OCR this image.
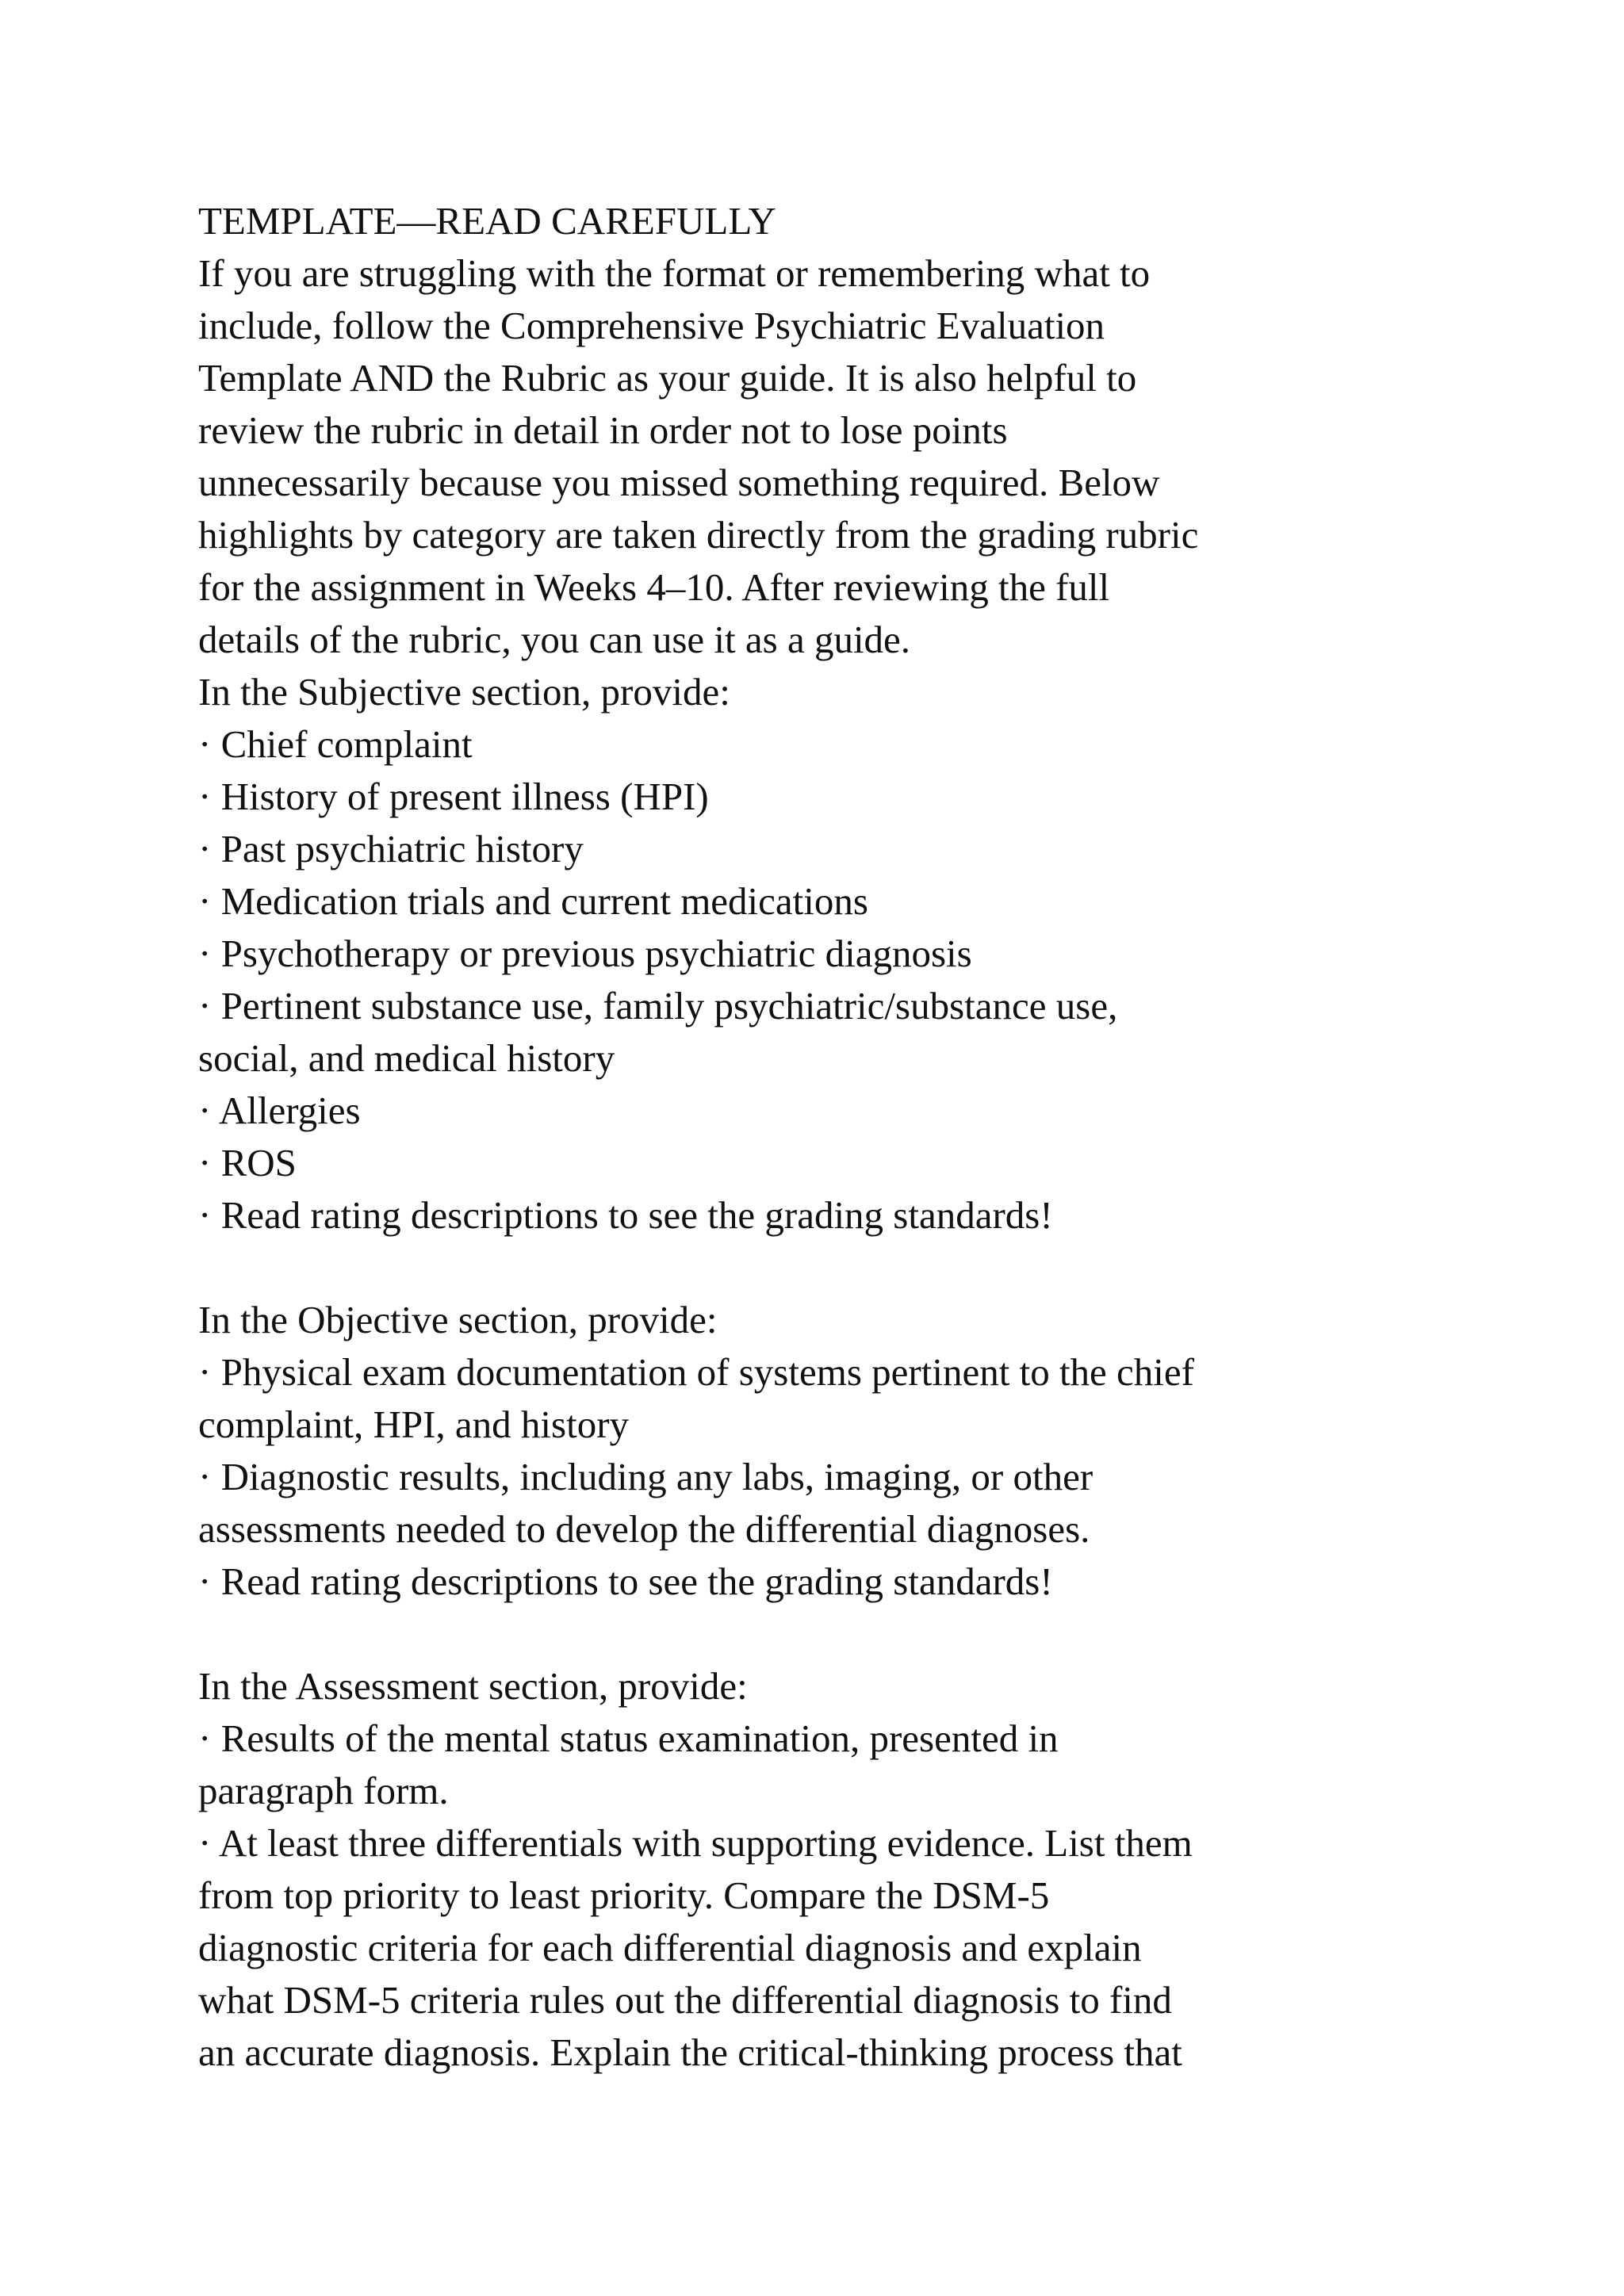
TEMPLATE—READ CAREFULLY
If you are struggling with the format or remembering what to
include, follow the Comprehensive Psychiatric Evaluation
Template AND the Rubric as your guide. It is also helpful to
review the rubric in detail in order not to lose points
unnecessarily because you missed something required. Below
highlights by category are taken directly from the grading rubric
for the assignment in Weeks 4–10. After reviewing the full
details of the rubric, you can use it as a guide.
In the Subjective section, provide:
· Chief complaint
· History of present illness (HPI)
· Past psychiatric history
· Medication trials and current medications
· Psychotherapy or previous psychiatric diagnosis
· Pertinent substance use, family psychiatric/substance use,
social, and medical history
· Allergies
· ROS
· Read rating descriptions to see the grading standards!
In the Objective section, provide:
· Physical exam documentation of systems pertinent to the chief
complaint, HPI, and history
· Diagnostic results, including any labs, imaging, or other
assessments needed to develop the differential diagnoses.
· Read rating descriptions to see the grading standards!
In the Assessment section, provide:
· Results of the mental status examination, presented in
paragraph form.
· At least three differentials with supporting evidence. List them
from top priority to least priority. Compare the DSM-5
diagnostic criteria for each differential diagnosis and explain
what DSM-5 criteria rules out the differential diagnosis to find
an accurate diagnosis. Explain the critical-thinking process that
